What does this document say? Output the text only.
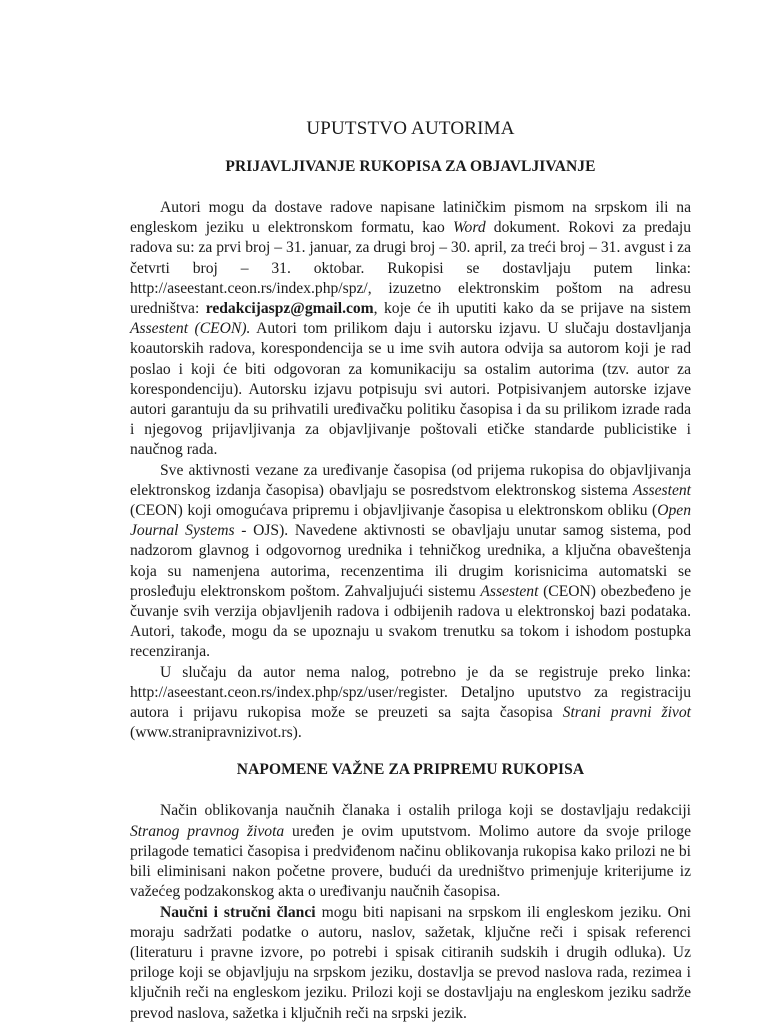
UPUTSTVO AUTORIMA
PRIJAVLJIVANJE RUKOPISA ZA OBJAVLJIVANJE

Autori mogu da dostave radove napisane latiničkim pismom na srpskom ili na engleskom jeziku u elektronskom formatu, kao Word dokument. Rokovi za predaju radova su: za prvi broj – 31. januar, za drugi broj – 30. april, za treći broj – 31. avgust i za četvrti broj – 31. oktobar. Rukopisi se dostavljaju putem linka: http://aseestant.ceon.rs/index.php/spz/, izuzetno elektronskim poštom na adresu uredništva: redakcijaspz@gmail.com, koje će ih uputiti kako da se prijave na sistem Assestent (CEON). Autori tom prilikom daju i autorsku izjavu. U slučaju dostavljanja koautorskih radova, korespondencija se u ime svih autora odvija sa autorom koji je rad poslao i koji će biti odgovoran za komunikaciju sa ostalim autorima (tzv. autor za korespondenciju). Autorsku izjavu potpisuju svi autori. Potpisivanjem autorske izjave autori garantuju da su prihvatili uređivačku politiku časopisa i da su prilikom izrade rada i njegovog prijavljivanja za objavljivanje poštovali etičke standarde publicistike i naučnog rada.

Sve aktivnosti vezane za uređivanje časopisa (od prijema rukopisa do objavljivanja elektronskog izdanja časopisa) obavljaju se posredstvom elektronskog sistema Assestent (CEON) koji omogućava pripremu i objavljivanje časopisa u elektronskom obliku (Open Journal Systems - OJS). Navedene aktivnosti se obavljaju unutar samog sistema, pod nadzorom glavnog i odgovornog urednika i tehničkog urednika, a ključna obaveštenja koja su namenjena autorima, recenzentima ili drugim korisnicima automatski se prosleđuju elektronskom poštom. Zahvaljujući sistemu Assestent (CEON) obezbeđeno je čuvanje svih verzija objavljenih radova i odbijenih radova u elektronskoj bazi podataka. Autori, takođe, mogu da se upoznaju u svakom trenutku sa tokom i ishodom postupka recenziranja.

U slučaju da autor nema nalog, potrebno je da se registruje preko linka: http://aseestant.ceon.rs/index.php/spz/user/register. Detaljno uputstvo za registraciju autora i prijavu rukopisa može se preuzeti sa sajta časopisa Strani pravni život (www.stranipravnizivot.rs).

NAPOMENE VAŽNE ZA PRIPREMU RUKOPISA

Način oblikovanja naučnih članaka i ostalih priloga koji se dostavljaju redakciji Stranog pravnog života uređen je ovim uputstvom. Molimo autore da svoje priloge prilagode tematici časopisa i predviđenom načinu oblikovanja rukopisa kako prilozi ne bi bili eliminisani nakon početne provere, budući da uredništvo primenjuje kriterijume iz važećeg podzakonskog akta o uređivanju naučnih časopisa.

Naučni i stručni članci mogu biti napisani na srpskom ili engleskom jeziku. Oni moraju sadržati podatke o autoru, naslov, sažetak, ključne reči i spisak referenci (literaturu i pravne izvore, po potrebi i spisak citiranih sudskih i drugih odluka). Uz priloge koji se objavljuju na srpskom jeziku, dostavlja se prevod naslova rada, rezimea i ključnih reči na engleskom jeziku. Prilozi koji se dostavljaju na engleskom jeziku sadrže prevod naslova, sažetka i ključnih reči na srpski jezik.
